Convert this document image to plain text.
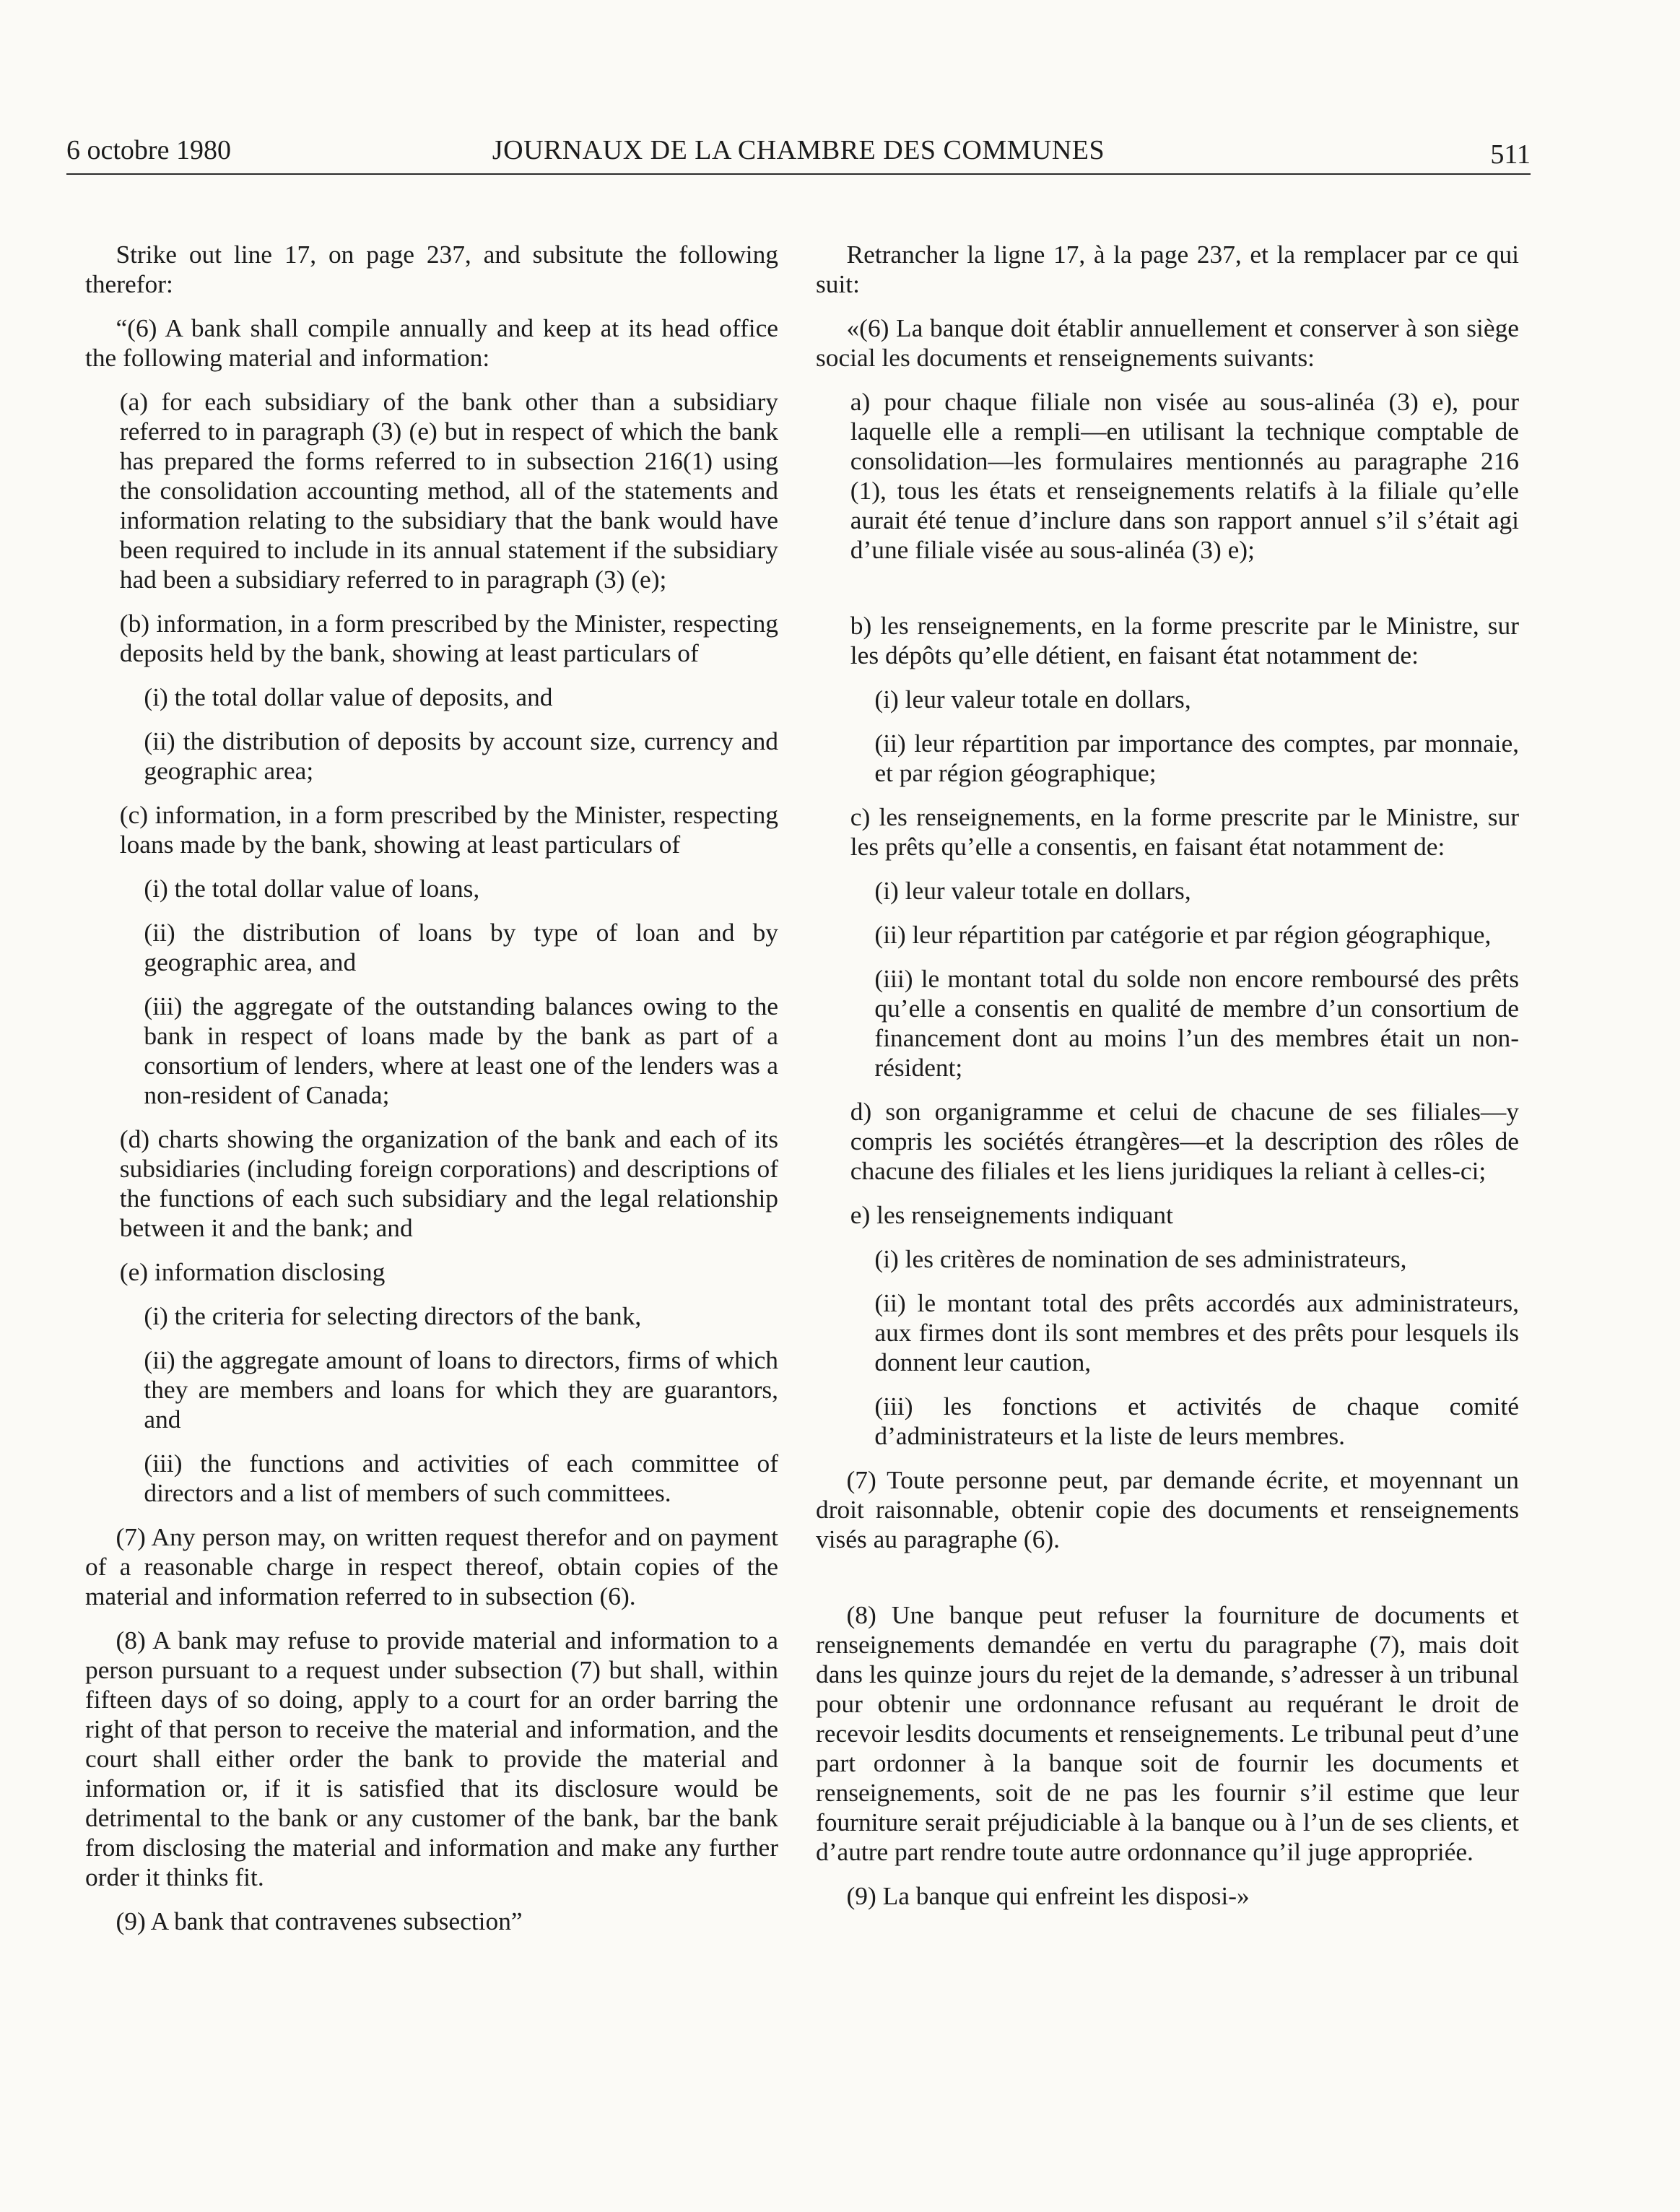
6 octobre 1980	JOURNAUX DE LA CHAMBRE DES COMMUNES	511

Strike out line 17, on page 237, and subsitute the following therefor:

“(6) A bank shall compile annually and keep at its head office the following material and information:

(a) for each subsidiary of the bank other than a subsidiary referred to in paragraph (3) (e) but in respect of which the bank has prepared the forms referred to in subsection 216(1) using the consolidation accounting method, all of the statements and information relating to the subsidiary that the bank would have been required to include in its annual statement if the subsidiary had been a subsidiary referred to in paragraph (3) (e);

(b) information, in a form prescribed by the Minister, respecting deposits held by the bank, showing at least particulars of

(i) the total dollar value of deposits, and

(ii) the distribution of deposits by account size, currency and geographic area;

(c) information, in a form prescribed by the Minister, respecting loans made by the bank, showing at least particulars of

(i) the total dollar value of loans,

(ii) the distribution of loans by type of loan and by geographic area, and

(iii) the aggregate of the outstanding balances owing to the bank in respect of loans made by the bank as part of a consortium of lenders, where at least one of the lenders was a non-resident of Canada;

(d) charts showing the organization of the bank and each of its subsidiaries (including foreign corporations) and descriptions of the functions of each such subsidiary and the legal relationship between it and the bank; and

(e) information disclosing

(i) the criteria for selecting directors of the bank,

(ii) the aggregate amount of loans to directors, firms of which they are members and loans for which they are guarantors, and

(iii) the functions and activities of each committee of directors and a list of members of such committees.

(7) Any person may, on written request therefor and on payment of a reasonable charge in respect thereof, obtain copies of the material and information referred to in subsection (6).

(8) A bank may refuse to provide material and information to a person pursuant to a request under subsection (7) but shall, within fifteen days of so doing, apply to a court for an order barring the right of that person to receive the material and information, and the court shall either order the bank to provide the material and information or, if it is satisfied that its disclosure would be detrimental to the bank or any customer of the bank, bar the bank from disclosing the material and information and make any further order it thinks fit.

(9) A bank that contravenes subsection”

Retrancher la ligne 17, à la page 237, et la remplacer par ce qui suit:

«(6) La banque doit établir annuellement et conserver à son siège social les documents et renseignements suivants:

a) pour chaque filiale non visée au sous-alinéa (3) e), pour laquelle elle a rempli—en utilisant la technique comptable de consolidation—les formulaires mentionnés au paragraphe 216 (1), tous les états et renseignements relatifs à la filiale qu’elle aurait été tenue d’inclure dans son rapport annuel s’il s’était agi d’une filiale visée au sous-alinéa (3) e);

b) les renseignements, en la forme prescrite par le Ministre, sur les dépôts qu’elle détient, en faisant état notamment de:

(i) leur valeur totale en dollars,

(ii) leur répartition par importance des comptes, par monnaie, et par région géographique;

c) les renseignements, en la forme prescrite par le Ministre, sur les prêts qu’elle a consentis, en faisant état notamment de:

(i) leur valeur totale en dollars,

(ii) leur répartition par catégorie et par région géographique,

(iii) le montant total du solde non encore remboursé des prêts qu’elle a consentis en qualité de membre d’un consortium de financement dont au moins l’un des membres était un non-résident;

d) son organigramme et celui de chacune de ses filiales—y compris les sociétés étrangères—et la description des rôles de chacune des filiales et les liens juridiques la reliant à celles-ci;

e) les renseignements indiquant

(i) les critères de nomination de ses administrateurs,

(ii) le montant total des prêts accordés aux administrateurs, aux firmes dont ils sont membres et des prêts pour lesquels ils donnent leur caution,

(iii) les fonctions et activités de chaque comité d’administrateurs et la liste de leurs membres.

(7) Toute personne peut, par demande écrite, et moyennant un droit raisonnable, obtenir copie des documents et renseignements visés au paragraphe (6).

(8) Une banque peut refuser la fourniture de documents et renseignements demandée en vertu du paragraphe (7), mais doit dans les quinze jours du rejet de la demande, s’adresser à un tribunal pour obtenir une ordonnance refusant au requérant le droit de recevoir lesdits documents et renseignements. Le tribunal peut d’une part ordonner à la banque soit de fournir les documents et renseignements, soit de ne pas les fournir s’il estime que leur fourniture serait préjudiciable à la banque ou à l’un de ses clients, et d’autre part rendre toute autre ordonnance qu’il juge appropriée.

(9) La banque qui enfreint les disposi-»
